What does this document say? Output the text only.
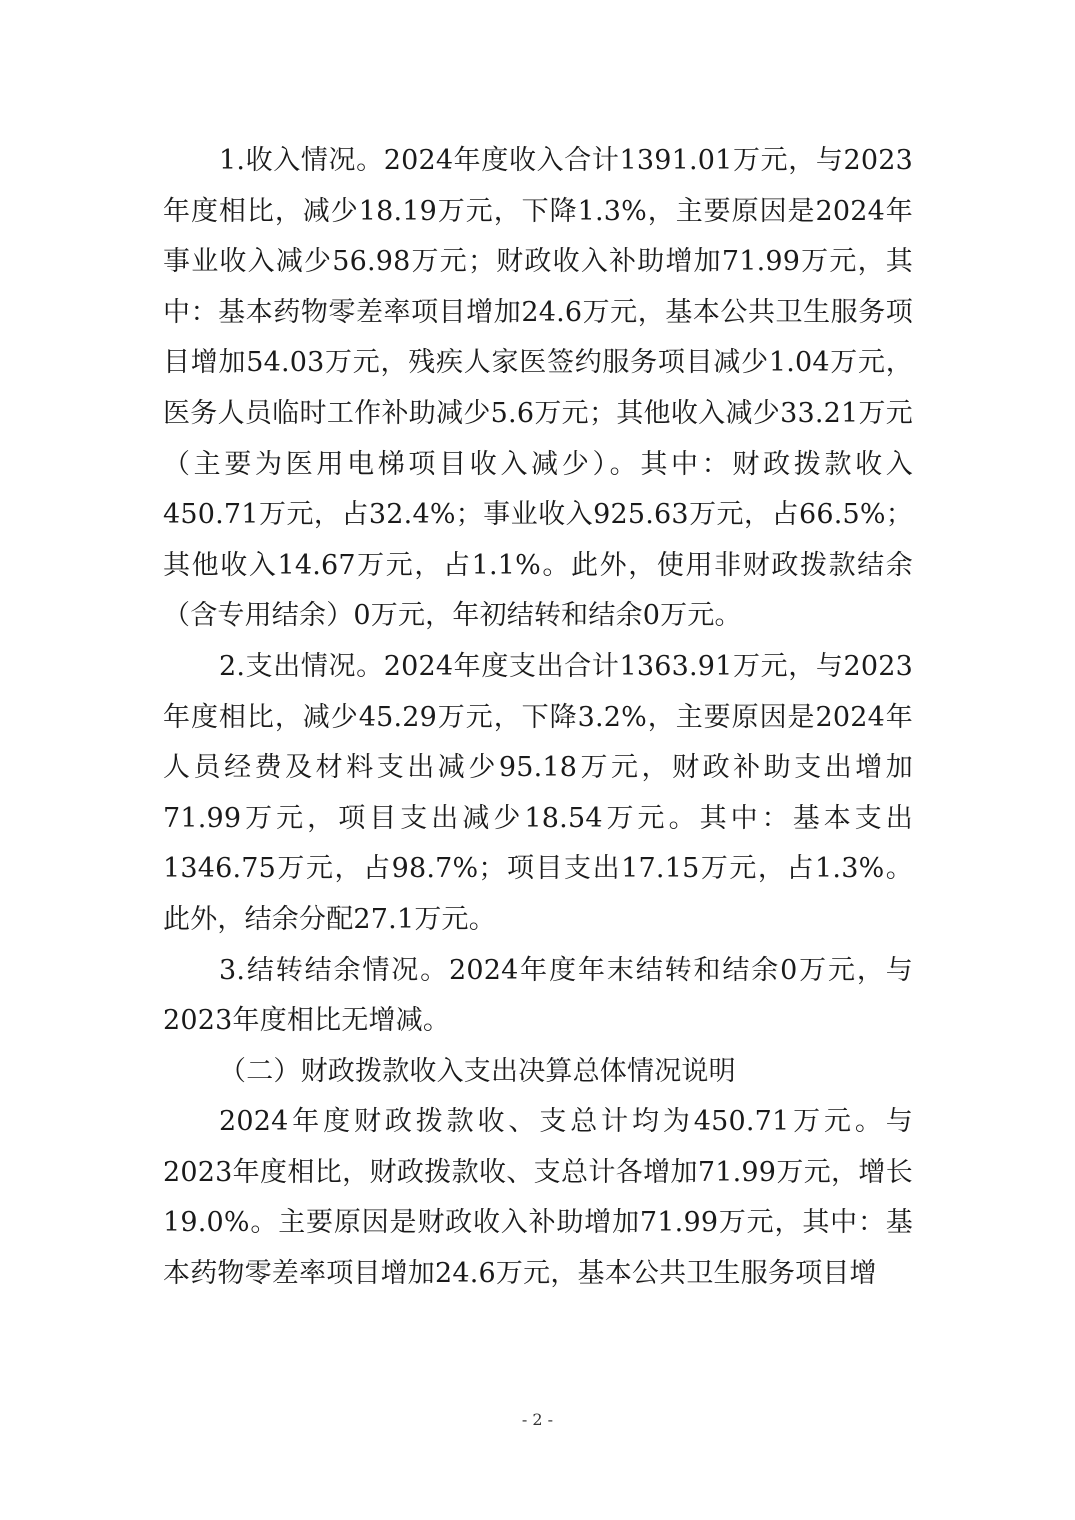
1.收入情况。2024年度收入合计1391.01万元，与2023年度相比，减少18.19万元，下降1.3%，主要原因是2024年事业收入减少56.98万元；财政收入补助增加71.99万元，其中：基本药物零差率项目增加24.6万元，基本公共卫生服务项目增加54.03万元，残疾人家医签约服务项目减少1.04万元，医务人员临时工作补助减少5.6万元；其他收入减少33.21万元（主要为医用电梯项目收入减少）。其中：财政拨款收入450.71万元，占32.4%；事业收入925.63万元，占66.5%；其他收入14.67万元，占1.1%。此外，使用非财政拨款结余（含专用结余）0万元，年初结转和结余0万元。

2.支出情况。2024年度支出合计1363.91万元，与2023年度相比，减少45.29万元，下降3.2%，主要原因是2024年人员经费及材料支出减少95.18万元，财政补助支出增加71.99万元，项目支出减少18.54万元。其中：基本支出1346.75万元，占98.7%；项目支出17.15万元，占1.3%。此外，结余分配27.1万元。

3.结转结余情况。2024年度年末结转和结余0万元，与2023年度相比无增减。

（二）财政拨款收入支出决算总体情况说明

2024年度财政拨款收、支总计均为450.71万元。与2023年度相比，财政拨款收、支总计各增加71.99万元，增长19.0%。主要原因是财政收入补助增加71.99万元，其中：基本药物零差率项目增加24.6万元，基本公共卫生服务项目增

- 2 -
